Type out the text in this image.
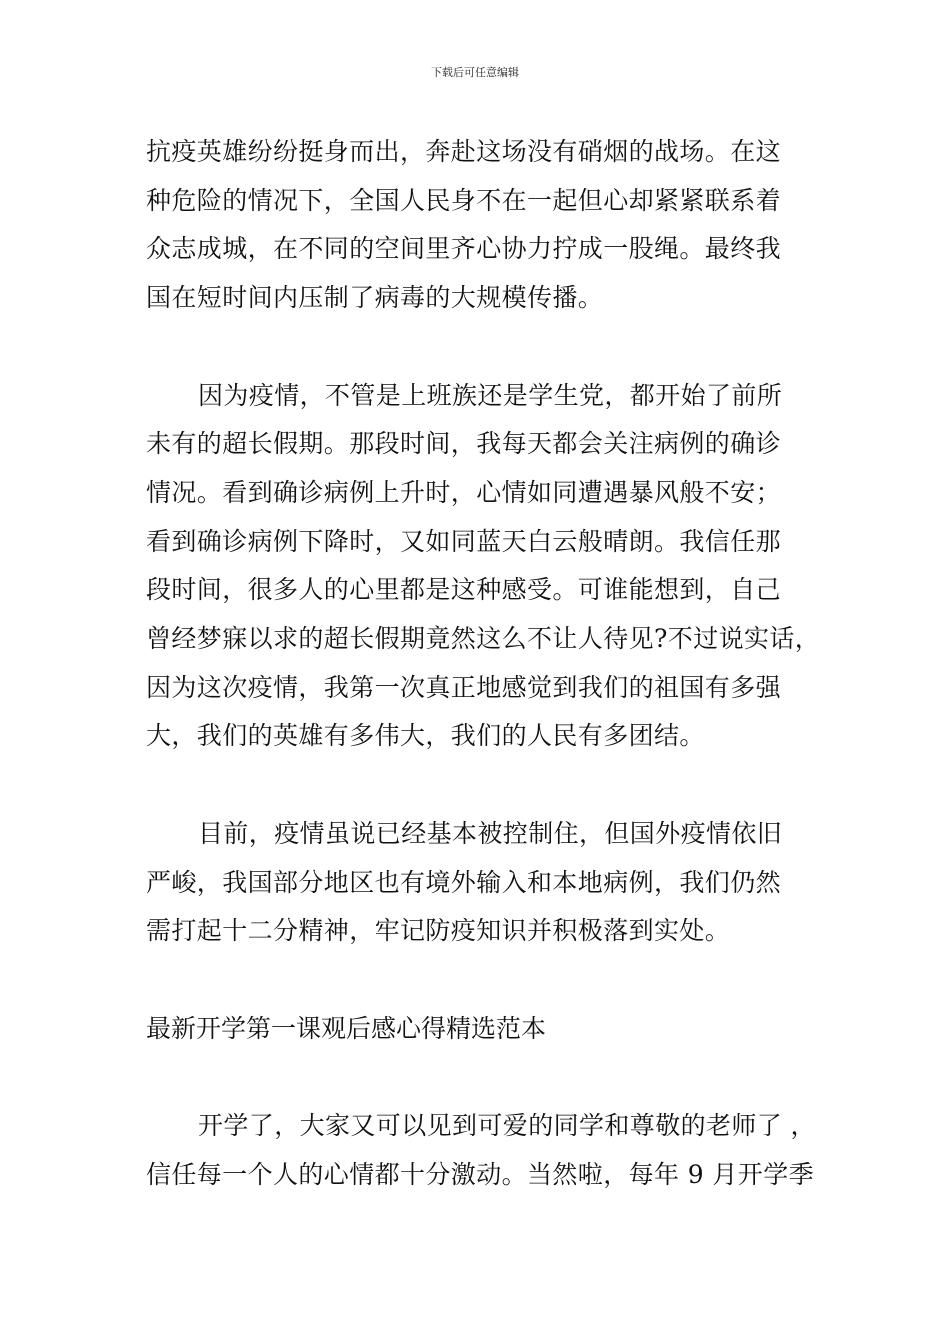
下载后可任意编辑

抗疫英雄纷纷挺身而出，奔赴这场没有硝烟的战场。在这
种危险的情况下，全国人民身不在一起但心却紧紧联系着
众志成城，在不同的空间里齐心协力拧成一股绳。最终我
国在短时间内压制了病毒的大规模传播。

因为疫情，不管是上班族还是学生党，都开始了前所
未有的超长假期。那段时间，我每天都会关注病例的确诊
情况。看到确诊病例上升时，心情如同遭遇暴风般不安；
看到确诊病例下降时，又如同蓝天白云般晴朗。我信任那
段时间，很多人的心里都是这种感受。可谁能想到，自己
曾经梦寐以求的超长假期竟然这么不让人待见?不过说实话，
因为这次疫情，我第一次真正地感觉到我们的祖国有多强
大，我们的英雄有多伟大，我们的人民有多团结。

目前，疫情虽说已经基本被控制住，但国外疫情依旧
严峻，我国部分地区也有境外输入和本地病例，我们仍然
需打起十二分精神，牢记防疫知识并积极落到实处。

最新开学第一课观后感心得精选范本

开学了，大家又可以见到可爱的同学和尊敬的老师了 ，
信任每一个人的心情都十分激动。当然啦，每年 9 月开学季
